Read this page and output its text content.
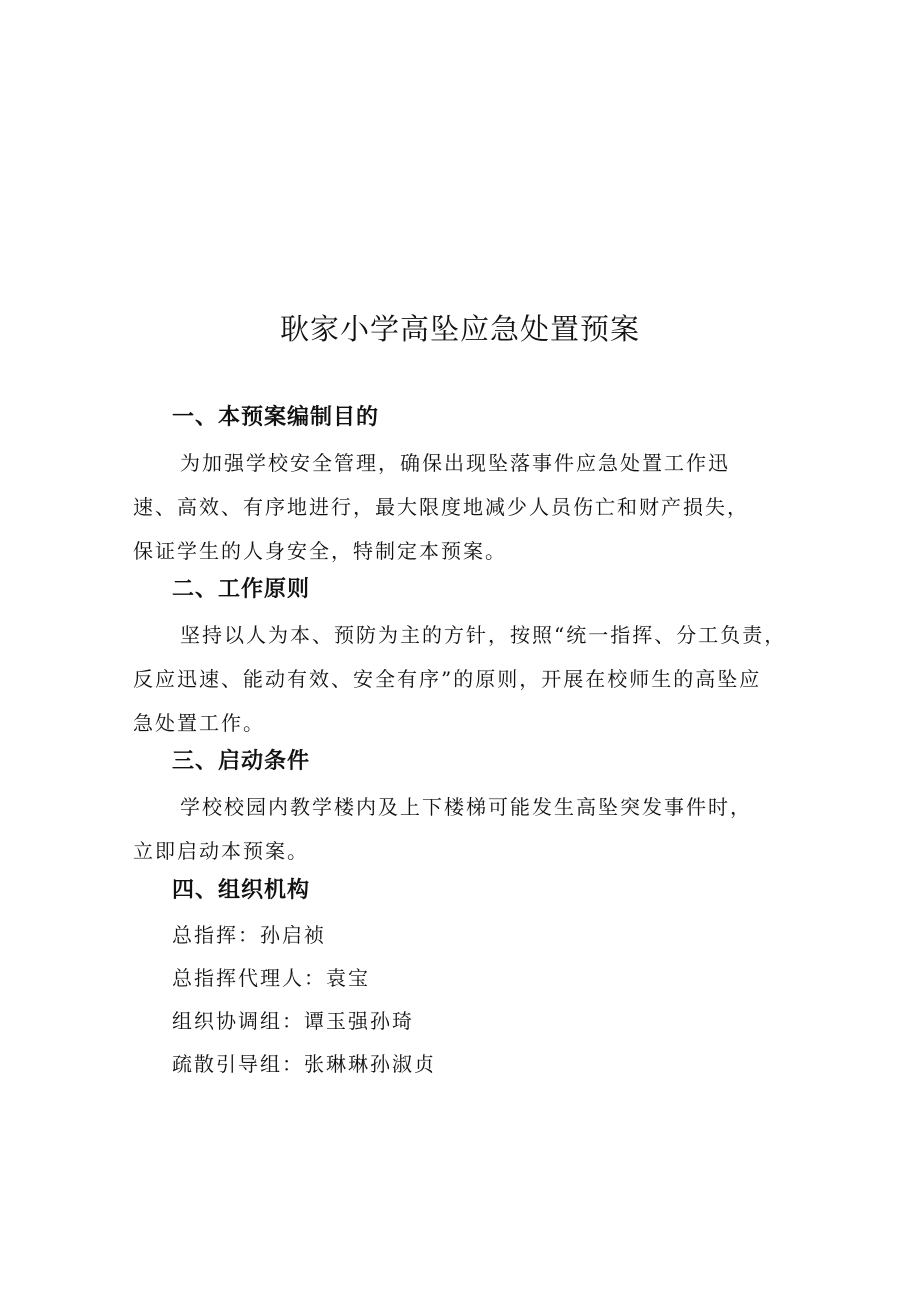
耿家小学高坠应急处置预案
一、本预案编制目的
为加强学校安全管理，确保出现坠落事件应急处置工作迅
速、高效、有序地进行，最大限度地减少人员伤亡和财产损失，
保证学生的人身安全，特制定本预案。
二、工作原则
坚持以人为本、预防为主的方针，按照“统一指挥、分工负责，
反应迅速、能动有效、安全有序”的原则，开展在校师生的高坠应
急处置工作。
三、启动条件
学校校园内教学楼内及上下楼梯可能发生高坠突发事件时，
立即启动本预案。
四、组织机构

总指挥：孙启祯

总指挥代理人：袁宝

组织协调组：谭玉强孙琦

疏散引导组：张琳琳孙淑贞
